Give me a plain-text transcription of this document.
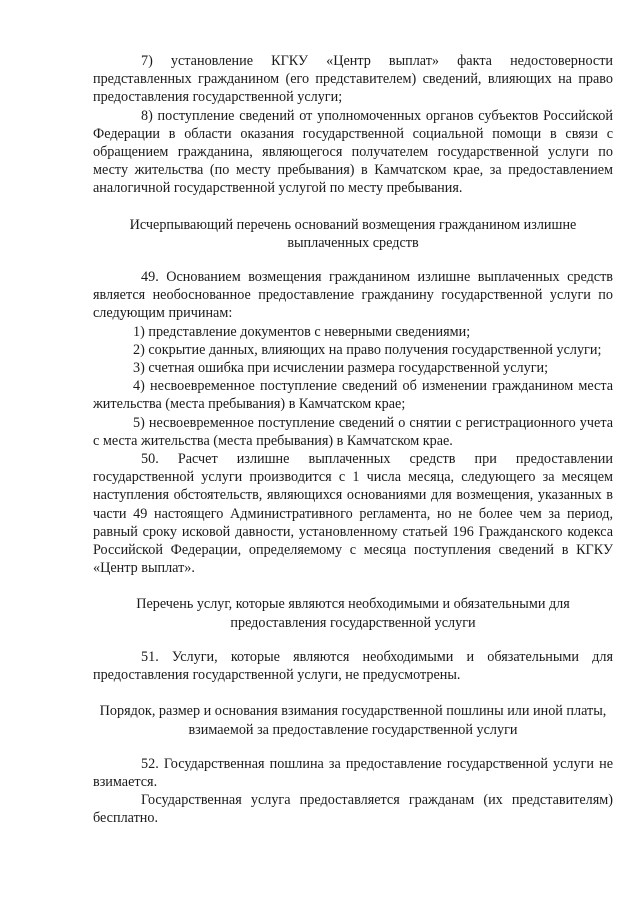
7) установление КГКУ «Центр выплат» факта недостоверности представленных гражданином (его представителем) сведений, влияющих на право предоставления государственной услуги;

8) поступление сведений от уполномоченных органов субъектов Российской Федерации в области оказания государственной социальной помощи в связи с обращением гражданина, являющегося получателем государственной услуги по месту жительства (по месту пребывания) в Камчатском крае, за предоставлением аналогичной государственной услугой по месту пребывания.

Исчерпывающий перечень оснований возмещения гражданином излишне выплаченных средств

49. Основанием возмещения гражданином излишне выплаченных средств является необоснованное предоставление гражданину государственной услуги по следующим причинам:

1) представление документов с неверными сведениями;

2) сокрытие данных, влияющих на право получения государственной услуги;

3) счетная ошибка при исчислении размера государственной услуги;

4) несвоевременное поступление сведений об изменении гражданином места жительства (места пребывания) в Камчатском крае;

5) несвоевременное поступление сведений о снятии с регистрационного учета с места жительства (места пребывания) в Камчатском крае.

50. Расчет излишне выплаченных средств при предоставлении государственной услуги производится с 1 числа месяца, следующего за месяцем наступления обстоятельств, являющихся основаниями для возмещения, указанных в части 49 настоящего Административного регламента, но не более чем за период, равный сроку исковой давности, установленному статьей 196 Гражданского кодекса Российской Федерации, определяемому с месяца поступления сведений в КГКУ «Центр выплат».

Перечень услуг, которые являются необходимыми и обязательными для предоставления государственной услуги

51. Услуги, которые являются необходимыми и обязательными для предоставления государственной услуги, не предусмотрены.

Порядок, размер и основания взимания государственной пошлины или иной платы, взимаемой за предоставление государственной услуги

52. Государственная пошлина за предоставление государственной услуги не взимается.

Государственная услуга предоставляется гражданам (их представителям) бесплатно.
